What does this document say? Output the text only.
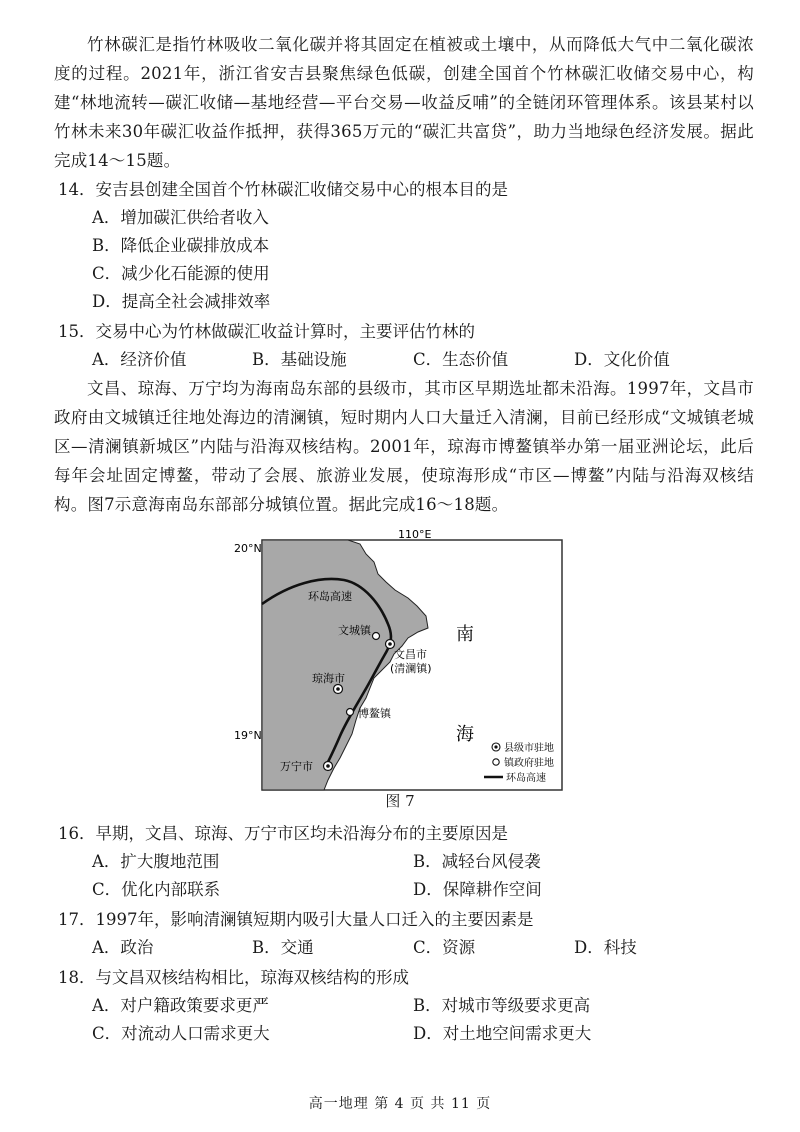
竹林碳汇是指竹林吸收二氧化碳并将其固定在植被或土壤中，从而降低大气中二氧化碳浓度的过程。2021年，浙江省安吉县聚焦绿色低碳，创建全国首个竹林碳汇收储交易中心，构建“林地流转—碳汇收储—基地经营—平台交易—收益反哺”的全链闭环管理体系。该县某村以竹林未来30年碳汇收益作抵押，获得365万元的“碳汇共富贷”，助力当地绿色经济发展。据此完成14～15题。
14．安吉县创建全国首个竹林碳汇收储交易中心的根本目的是
A．增加碳汇供给者收入
B．降低企业碳排放成本
C．减少化石能源的使用
D．提高全社会减排效率
15．交易中心为竹林做碳汇收益计算时，主要评估竹林的
A．经济价值	B．基础设施	C．生态价值	D．文化价值
文昌、琼海、万宁均为海南岛东部的县级市，其市区早期选址都未沿海。1997年，文昌市政府由文城镇迁往地处海边的清澜镇，短时期内人口大量迁入清澜，目前已经形成“文城镇老城区—清澜镇新城区”内陆与沿海双核结构。2001年，琼海市博鳌镇举办第一届亚洲论坛，此后每年会址固定博鳌，带动了会展、旅游业发展，使琼海形成“市区—博鳌”内陆与沿海双核结构。图7示意海南岛东部部分城镇位置。据此完成16～18题。
110°E
20°N
19°N
环岛高速
文城镇
文昌市
(清澜镇)
琼海市
博鳌镇
万宁市
南
海
县级市驻地
镇政府驻地
环岛高速
图 7
16．早期，文昌、琼海、万宁市区均未沿海分布的主要原因是
A．扩大腹地范围	B．减轻台风侵袭
C．优化内部联系	D．保障耕作空间
17．1997年，影响清澜镇短期内吸引大量人口迁入的主要因素是
A．政治	B．交通	C．资源	D．科技
18．与文昌双核结构相比，琼海双核结构的形成
A．对户籍政策要求更严	B．对城市等级要求更高
C．对流动人口需求更大	D．对土地空间需求更大
高一地理 第 4 页 共 11 页
